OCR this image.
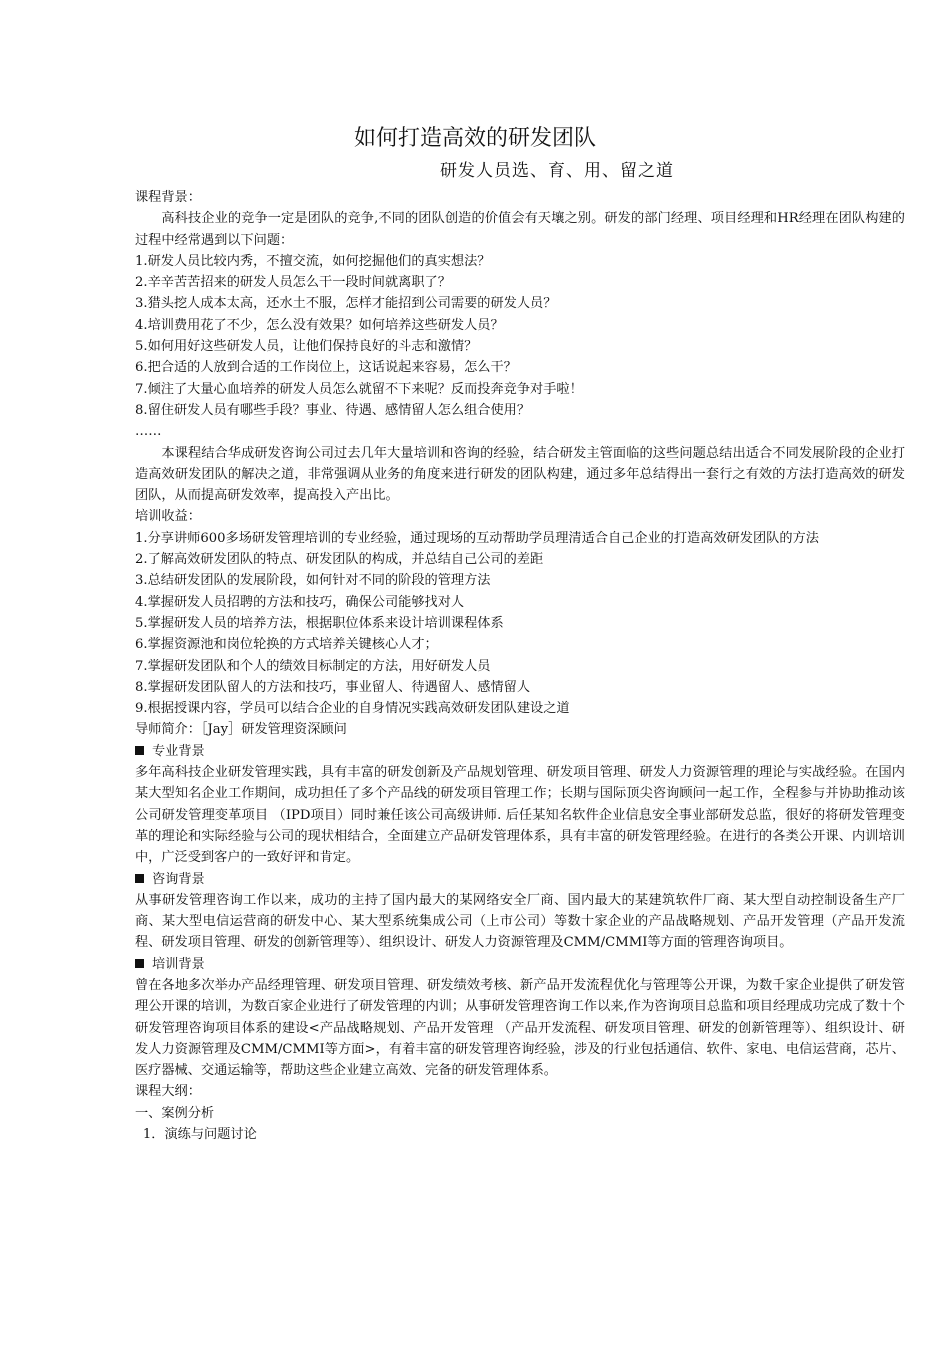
如何打造高效的研发团队
研发人员选、育、用、留之道
课程背景：

高科技企业的竞争一定是团队的竞争,不同的团队创造的价值会有天壤之别。研发的部门经理、项目经理和HR经理在团队构建的过程中经常遇到以下问题：

1.研发人员比较内秀，不擅交流，如何挖掘他们的真实想法？
2.辛辛苦苦招来的研发人员怎么干一段时间就离职了？
3.猎头挖人成本太高，还水土不服，怎样才能招到公司需要的研发人员？
4.培训费用花了不少，怎么没有效果？如何培养这些研发人员？
5.如何用好这些研发人员，让他们保持良好的斗志和激情？
6.把合适的人放到合适的工作岗位上，这话说起来容易，怎么干？
7.倾注了大量心血培养的研发人员怎么就留不下来呢？反而投奔竞争对手啦！
8.留住研发人员有哪些手段？事业、待遇、感情留人怎么组合使用？
……

本课程结合华成研发咨询公司过去几年大量培训和咨询的经验，结合研发主管面临的这些问题总结出适合不同发展阶段的企业打造高效研发团队的解决之道，非常强调从业务的角度来进行研发的团队构建，通过多年总结得出一套行之有效的方法打造高效的研发团队，从而提高研发效率，提高投入产出比。

培训收益：
1.分享讲师600多场研发管理培训的专业经验，通过现场的互动帮助学员理清适合自己企业的打造高效研发团队的方法
2.了解高效研发团队的特点、研发团队的构成，并总结自己公司的差距
3.总结研发团队的发展阶段，如何针对不同的阶段的管理方法
4.掌握研发人员招聘的方法和技巧，确保公司能够找对人
5.掌握研发人员的培养方法，根据职位体系来设计培训课程体系
6.掌握资源池和岗位轮换的方式培养关键核心人才；
7.掌握研发团队和个人的绩效目标制定的方法，用好研发人员
8.掌握研发团队留人的方法和技巧，事业留人、待遇留人、感情留人
9.根据授课内容，学员可以结合企业的自身情况实践高效研发团队建设之道
导师简介：［Jay］研发管理资深顾问
专业背景

多年高科技企业研发管理实践，具有丰富的研发创新及产品规划管理、研发项目管理、研发人力资源管理的理论与实战经验。在国内某大型知名企业工作期间，成功担任了多个产品线的研发项目管理工作；长期与国际顶尖咨询顾问一起工作，全程参与并协助推动该公司研发管理变革项目 （IPD项目）同时兼任该公司高级讲师. 后任某知名软件企业信息安全事业部研发总监，很好的将研发管理变革的理论和实际经验与公司的现状相结合，全面建立产品研发管理体系，具有丰富的研发管理经验。在进行的各类公开课、内训培训中，广泛受到客户的一致好评和肯定。

咨询背景

从事研发管理咨询工作以来，成功的主持了国内最大的某网络安全厂商、国内最大的某建筑软件厂商、某大型自动控制设备生产厂商、某大型电信运营商的研发中心、某大型系统集成公司（上市公司）等数十家企业的产品战略规划、产品开发管理（产品开发流程、研发项目管理、研发的创新管理等）、组织设计、研发人力资源管理及CMM/CMMI等方面的管理咨询项目。

培训背景

曾在各地多次举办产品经理管理、研发项目管理、研发绩效考核、新产品开发流程优化与管理等公开课，为数千家企业提供了研发管理公开课的培训，为数百家企业进行了研发管理的内训；从事研发管理咨询工作以来,作为咨询项目总监和项目经理成功完成了数十个研发管理咨询项目体系的建设<产品战略规划、产品开发管理 （产品开发流程、研发项目管理、研发的创新管理等）、组织设计、研发人力资源管理及CMM/CMMI等方面>，有着丰富的研发管理咨询经验，涉及的行业包括通信、软件、家电、电信运营商，芯片、医疗器械、交通运输等，帮助这些企业建立高效、完备的研发管理体系。

课程大纲：
一、案例分析
1．演练与问题讨论
